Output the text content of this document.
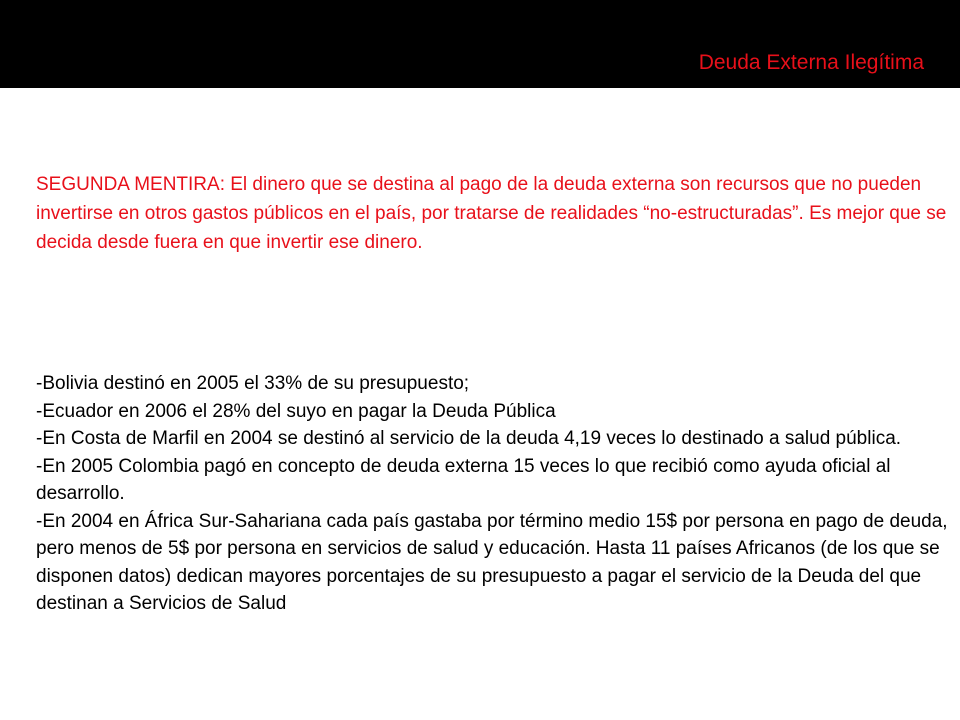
Deuda Externa Ilegítima

SEGUNDA MENTIRA: El dinero que se destina al pago de la deuda externa son recursos que no pueden invertirse en otros gastos públicos en el país, por tratarse de realidades “no-estructuradas”. Es mejor que se decida desde fuera en que invertir ese dinero.

-Bolivia destinó en 2005 el 33% de su presupuesto;
-Ecuador en 2006 el 28% del suyo en pagar la Deuda Pública
-En Costa de Marfil en 2004 se destinó al servicio de la deuda 4,19 veces lo destinado a salud pública.
-En 2005 Colombia pagó en concepto de deuda externa 15 veces lo que recibió como ayuda oficial al desarrollo.
-En 2004 en África Sur-Sahariana cada país gastaba por término medio 15$ por persona en pago de deuda, pero menos de 5$ por persona en servicios de salud y educación. Hasta 11 países Africanos (de los que se disponen datos) dedican mayores porcentajes de su presupuesto a pagar el servicio de la Deuda del que destinan a Servicios de Salud
